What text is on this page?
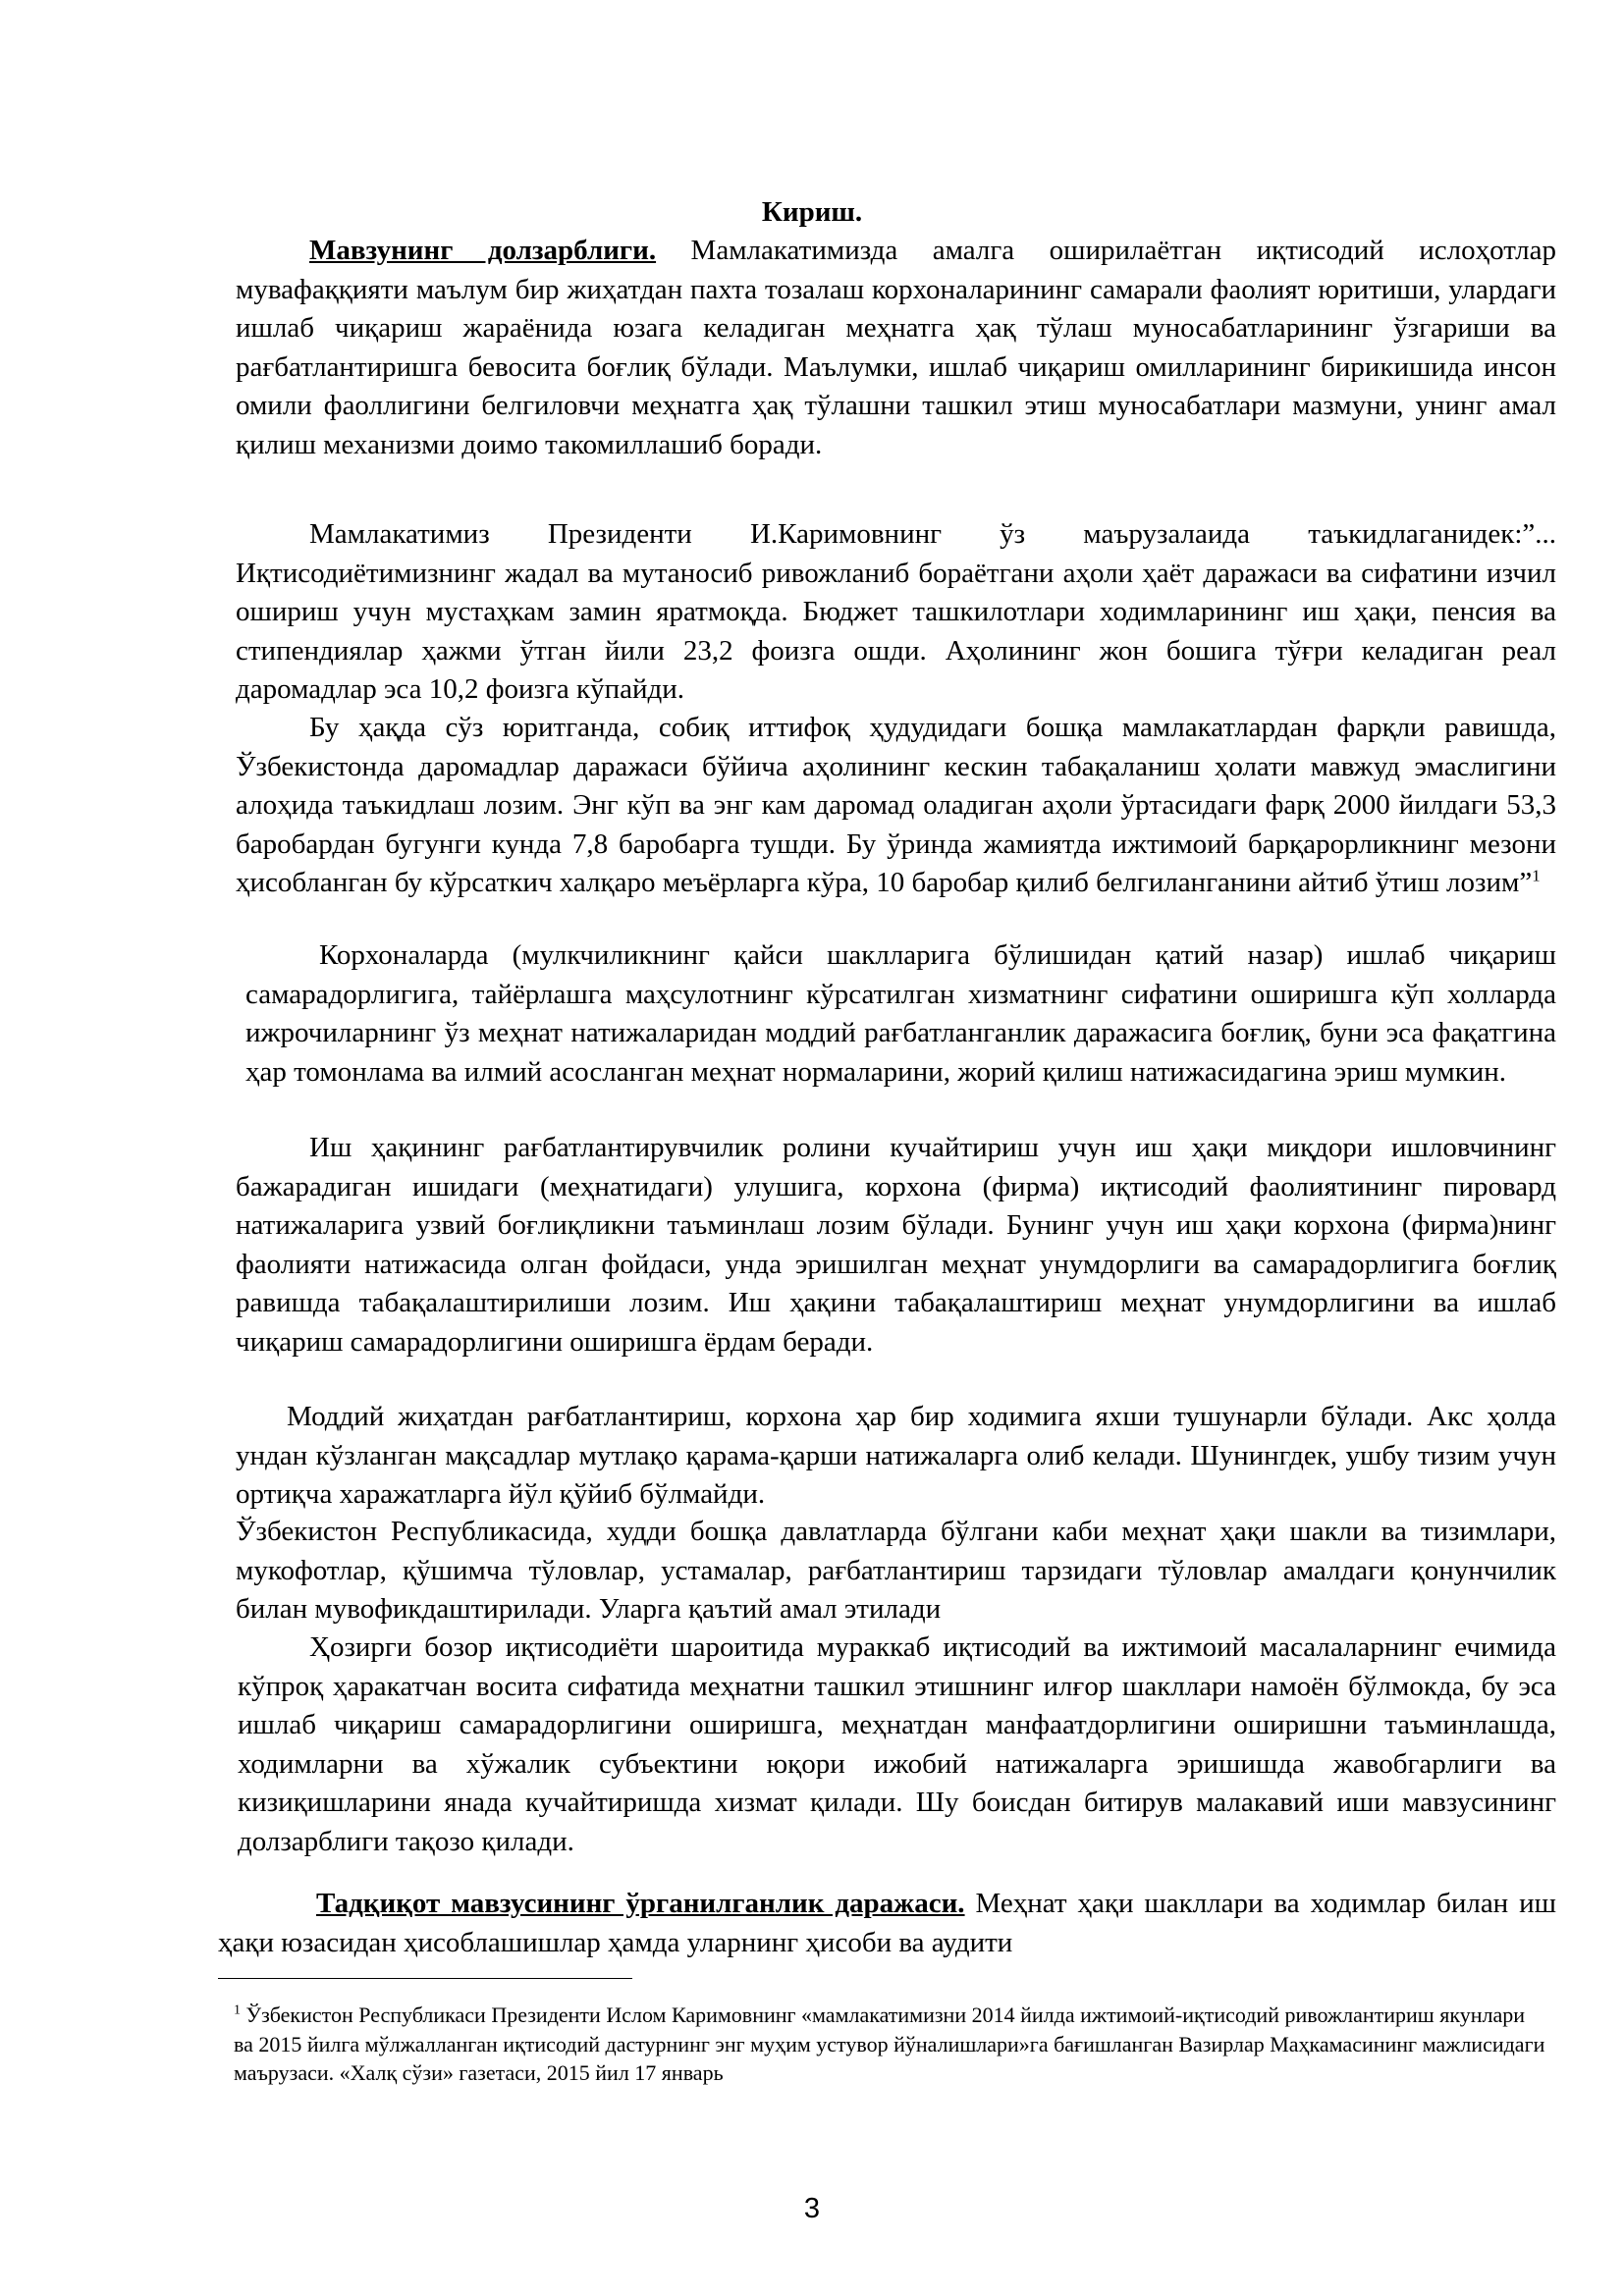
Кириш.
Мавзунинг долзарблиги. Мамлакатимизда амалга оширилаётган иқтисодий ислоҳотлар мувафаққияти маълум бир жиҳатдан пахта тозалаш корхоналарининг самарали фаолият юритиши, улардаги ишлаб чиқариш жараёнида юзага келадиган меҳнатга ҳақ тўлаш муносабатларининг ўзгариши ва рағбатлантиришга бевосита боғлиқ бўлади. Маълумки, ишлаб чиқариш омилларининг бирикишида инсон омили фаоллигини белгиловчи меҳнатга ҳақ тўлашни ташкил этиш муносабатлари мазмуни, унинг амал қилиш механизми доимо такомиллашиб боради.
Мамлакатимиз Президенти И.Каримовнинг ўз маърузалаида таъкидлаганидек:”... Иқтисодиётимизнинг жадал ва мутаносиб ривожланиб бораётгани аҳоли ҳаёт даражаси ва сифатини изчил ошириш учун мустаҳкам замин яратмоқда. Бюджет ташкилотлари ходимларининг иш ҳақи, пенсия ва стипендиялар ҳажми ўтган йили 23,2 фоизга ошди. Аҳолининг жон бошига тўғри келадиган реал даромадлар эса 10,2 фоизга кўпайди.
Бу ҳақда сўз юритганда, собиқ иттифоқ ҳудудидаги бошқа мамлакатлардан фарқли равишда, Ўзбекистонда даромадлар даражаси бўйича аҳолининг кескин табақаланиш ҳолати мавжуд эмаслигини алоҳида таъкидлаш лозим. Энг кўп ва энг кам даромад оладиган аҳоли ўртасидаги фарқ 2000 йилдаги 53,3 баробардан бугунги кунда 7,8 баробарга тушди. Бу ўринда жамиятда ижтимоий барқарорликнинг мезони ҳисобланган бу кўрсаткич халқаро меъёрларга кўра, 10 баробар қилиб белгиланганини айтиб ўтиш лозим”$^1$
Корхоналарда (мулкчиликнинг қайси шаклларига бўлишидан қатий назар) ишлаб чиқариш самарадорлигига, тайёрлашга маҳсулотнинг кўрсатилган хизматнинг сифатини оширишга кўп холларда ижрочиларнинг ўз меҳнат натижаларидан моддий рағбатланганлик даражасига боғлиқ, буни эса фақатгина ҳар томонлама ва илмий асосланган меҳнат нормаларини, жорий қилиш натижасидагина эриш мумкин.
Иш ҳақининг рағбатлантирувчилик ролини кучайтириш учун иш ҳақи миқдори ишловчининг бажарадиган ишидаги (меҳнатидаги) улушига, корхона (фирма) иқтисодий фаолиятининг пировард натижаларига узвий боғлиқликни таъминлаш лозим бўлади. Бунинг учун иш ҳақи корхона (фирма)нинг фаолияти натижасида олган фойдаси, унда эришилган меҳнат унумдорлиги ва самарадорлигига боғлиқ равишда табақалаштирилиши лозим. Иш ҳақини табақалаштириш меҳнат унумдорлигини ва ишлаб чиқариш самарадорлигини оширишга ёрдам беради.
Моддий жиҳатдан рағбатлантириш, корхона ҳар бир ходимига яхши тушунарли бўлади. Акс ҳолда ундан кўзланган мақсадлар мутлақо қарама-қарши натижаларга олиб келади. Шунингдек, ушбу тизим учун ортиқча харажатларга йўл қўйиб бўлмайди.
Ўзбекистон Республикасида, худди бошқа давлатларда бўлгани каби меҳнат ҳақи шакли ва тизимлари, мукофотлар, қўшимча тўловлар, устамалар, рағбатлантириш тарзидаги тўловлар амалдаги қонунчилик билан мувофикдаштирилади. Уларга қаътий амал этилади
Ҳозирги бозор иқтисодиёти шароитида мураккаб иқтисодий ва ижтимоий масалаларнинг ечимида кўпроқ ҳаракатчан восита сифатида меҳнатни ташкил этишнинг илғор шакллари намоён бўлмокда, бу эса ишлаб чиқариш самарадорлигини оширишга, меҳнатдан манфаатдорлигини оширишни таъминлашда, ходимларни ва хўжалик субъектини юқори ижобий натижаларга эришишда жавобгарлиги ва кизиқишларини янада кучайтиришда хизмат қилади. Шу боисдан битирув малакавий иши мавзусининг долзарблиги тақозо қилади.
Тадқиқот мавзусининг ўрганилганлик даражаси. Меҳнат ҳақи шакллари ва ходимлар билан иш ҳақи юзасидан ҳисоблашишлар ҳамда уларнинг ҳисоби ва аудити
$^1$ Ўзбекистон Республикаси Президенти Ислом Каримовнинг «мамлакатимизни 2014 йилда ижтимоий-иқтисодий ривожлантириш якунлари ва 2015 йилга мўлжалланган иқтисодий дастурнинг энг муҳим устувор йўналишлари»га бағишланган Вазирлар Маҳкамасининг мажлисидаги маърузаси. «Халқ сўзи» газетаси, 2015 йил 17 январь
3
